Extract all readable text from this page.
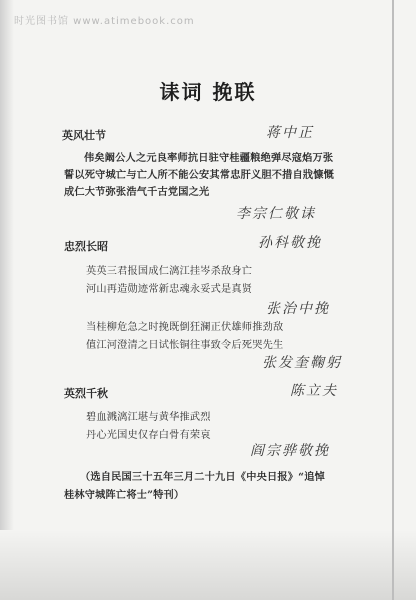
时光图书馆 www.atimebook.com
诔词 挽联
英风壮节	蒋中正
伟矣阚公人之元良率师抗日驻守桂疆粮绝弹尽寇焰万张
誓以死守城亡与亡人所不能公安其常忠肝义胆不措自戕慷慨
成仁大节弥张浩气千古党国之光
李宗仁敬诔
忠烈长昭	孙科敬挽
英英三君报国成仁漓江挂岑杀敌身亡
河山再造勋迹常新忠魂永妥式是真贤
张治中挽
当桂柳危急之时挽既倒狂澜正伏雄师推劲敌
值江河澄清之日试怅铜往事致令后死哭先生
张发奎鞠躬
英烈千秋	陈立夫
碧血溅漓江堪与黄华推武烈
丹心光国史仅存白骨有荣哀
阎宗骅敬挽
（选自民国三十五年三月二十九日《中央日报》“追悼
桂林守城阵亡将士”特刊）
